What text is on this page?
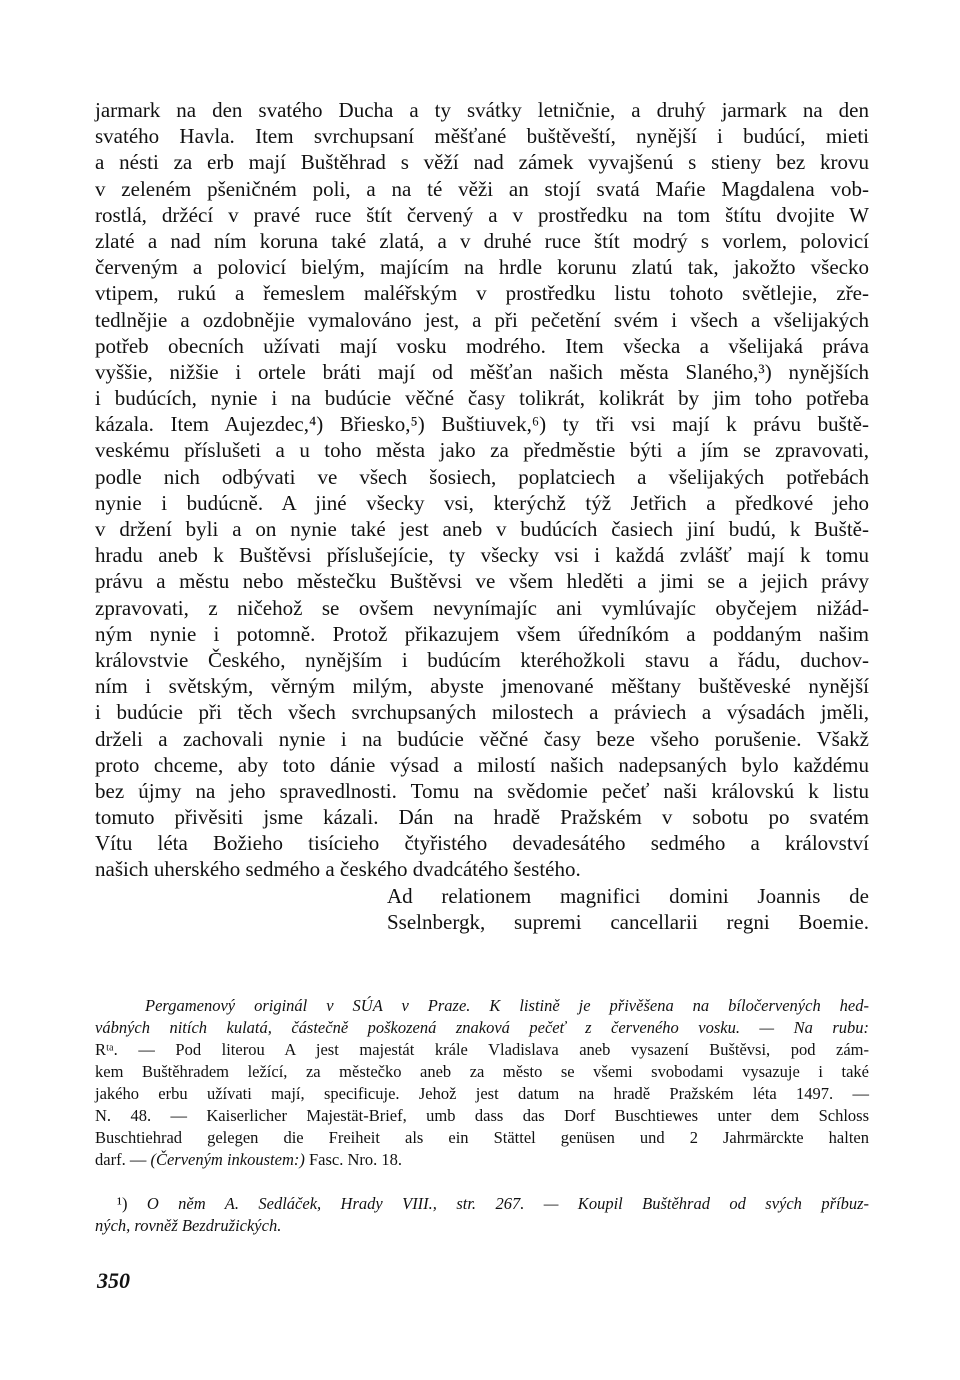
jarmark na den svatého Ducha a ty svátky letničnie, a druhý jarmark na den
svatého Havla. Item svrchupsaní měšťané buštěveští, nynější i budúcí, mieti
a nésti za erb mají Buštěhrad s věží nad zámek vyvajšenú s stieny bez krovu
v zeleném pšeničném poli, a na té věži an stojí svatá Maŕie Magdalena vob-
rostlá, držécí v pravé ruce štít červený a v prostředku na tom štítu dvojite W
zlaté a nad ním koruna také zlatá, a v druhé ruce štít modrý s vorlem, polovicí
červeným a polovicí bielým, majícím na hrdle korunu zlatú tak, jakožto všecko
vtipem, rukú a řemeslem maléřským v prostředku listu tohoto světlejie, zře-
tedlnějie a ozdobnějie vymalováno jest, a při pečetění svém i všech a všelijakých
potřeb obecních užívati mají vosku modrého. Item všecka a všelijaká práva
vyššie, nižšie i ortele bráti mají od měšťan našich města Slaného,³) nynějších
i budúcích, nynie i na budúcie věčné časy tolikrát, kolikrát by jim toho potřeba
kázala. Item Aujezdec,⁴) Břiesko,⁵) Buštiuvek,⁶) ty tři vsi mají k právu buště-
veskému příslušeti a u toho města jako za předměstie býti a jím se zpravovati,
podle nich odbývati ve všech šosiech, poplatciech a všelijakých potřebách
nynie i budúcně. A jiné všecky vsi, kterýchž týž Jetřich a předkové jeho
v držení byli a on nynie také jest aneb v budúcích časiech jiní budú, k Buště-
hradu aneb k Buštěvsi příslušejície, ty všecky vsi i každá zvlášť mají k tomu
právu a městu nebo městečku Buštěvsi ve všem hleděti a jimi se a jejich právy
zpravovati, z ničehož se ovšem nevynímajíc ani vymlúvajíc obyčejem nižád-
ným nynie i potomně. Protož přikazujem všem úředníkóm a poddaným našim
královstvie Českého, nynějším i budúcím kteréhožkoli stavu a řádu, duchov-
ním i světským, věrným milým, abyste jmenované měštany buštěveské nynější
i budúcie při těch všech svrchupsaných milostech a práviech a výsadách jměli,
drželi a zachovali nynie i na budúcie věčné časy beze všeho porušenie. Všakž
proto chceme, aby toto dánie výsad a milostí našich nadepsaných bylo každému
bez újmy na jeho spravedlnosti. Tomu na svědomie pečeť naši královskú k listu
tomuto přivěsiti jsme kázali. Dán na hradě Pražském v sobotu po svatém
Vítu léta Božieho tisícieho čtyřistého devadesátého sedmého a království
našich uherského sedmého a českého dvadcátého šestého.
Ad relationem magnifici domini Joannis de
Sselnbergk, supremi cancellarii regni Boemie.
Pergamenový originál v SÚA v Praze. K listině je přivěšena na bíločervených hed-
vábných nitích kulatá, částečně poškozená znaková pečeť z červeného vosku. — Na rubu:
Rᵗᵃ. — Pod literou A jest majestát krále Vladislava aneb vysazení Buštěvsi, pod zám-
kem Buštěhradem ležící, za městečko aneb za město se všemi svobodami vysazuje i také
jakého erbu užívati mají, specificuje. Jehož jest datum na hradě Pražském léta 1497. —
N. 48. — Kaiserlicher Majestät-Brief, umb dass das Dorf Buschtiewes unter dem Schloss
Buschtiehrad gelegen die Freiheit als ein Stättel genüsen und 2 Jahrmärckte halten
darf. — (Červeným inkoustem:) Fasc. Nro. 18.
¹) O něm A. Sedláček, Hrady VIII., str. 267. — Koupil Buštěhrad od svých příbuz-
ných, rovněž Bezdružických.
350
